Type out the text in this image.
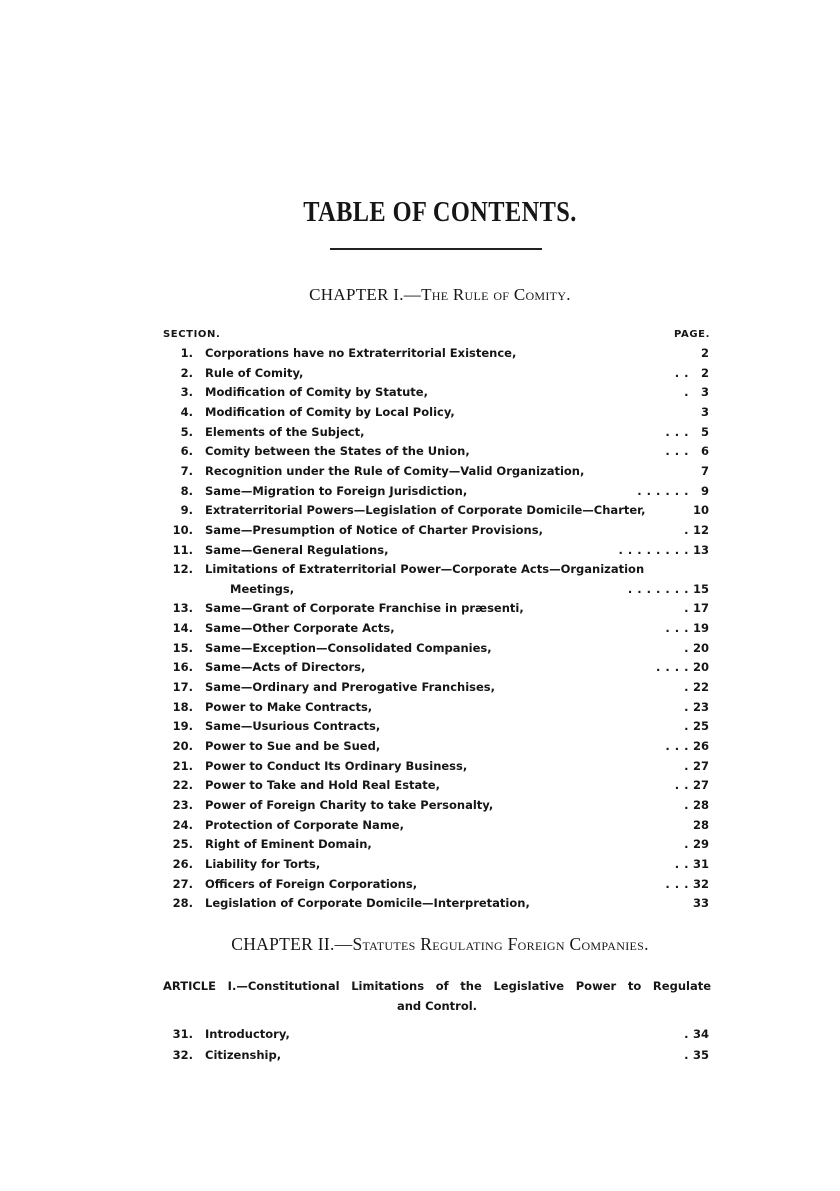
TABLE OF CONTENTS.
CHAPTER I.—The Rule of Comity.
SECTION.	PAGE.
1. Corporations have no Extraterritorial Existence,	2
2. Rule of Comity,	. .	2
3. Modification of Comity by Statute,	.	3
4. Modification of Comity by Local Policy,	3
5. Elements of the Subject,	. . .	5
6. Comity between the States of the Union,	. . .	6
7. Recognition under the Rule of Comity—Valid Organization,	7
8. Same—Migration to Foreign Jurisdiction,	. . . . . .	9
9. Extraterritorial Powers—Legislation of Corporate Domicile—Charter,	10
10. Same—Presumption of Notice of Charter Provisions,	. 12
11. Same—General Regulations,	. . . . . . . . 13
12. Limitations of Extraterritorial Power—Corporate Acts—Organization
Meetings,	. . . . . . . 15
13. Same—Grant of Corporate Franchise in præsenti,	. 17
14. Same—Other Corporate Acts,	. . . 19
15. Same—Exception—Consolidated Companies,	. 20
16. Same—Acts of Directors,	. . . . 20
17. Same—Ordinary and Prerogative Franchises,	. 22
18. Power to Make Contracts,	. 23
19. Same—Usurious Contracts,	. 25
20. Power to Sue and be Sued,	. . . 26
21. Power to Conduct Its Ordinary Business,	. 27
22. Power to Take and Hold Real Estate,	. . 27
23. Power of Foreign Charity to take Personalty,	. 28
24. Protection of Corporate Name,	28
25. Right of Eminent Domain,	. 29
26. Liability for Torts,	. . 31
27. Officers of Foreign Corporations,	. . . 32
28. Legislation of Corporate Domicile—Interpretation,	33
CHAPTER II.—Statutes Regulating Foreign Companies.
ARTICLE I.—Constitutional Limitations of the Legislative Power to Regulate
and Control.
31. Introductory,	. 34
32. Citizenship,	. 35
